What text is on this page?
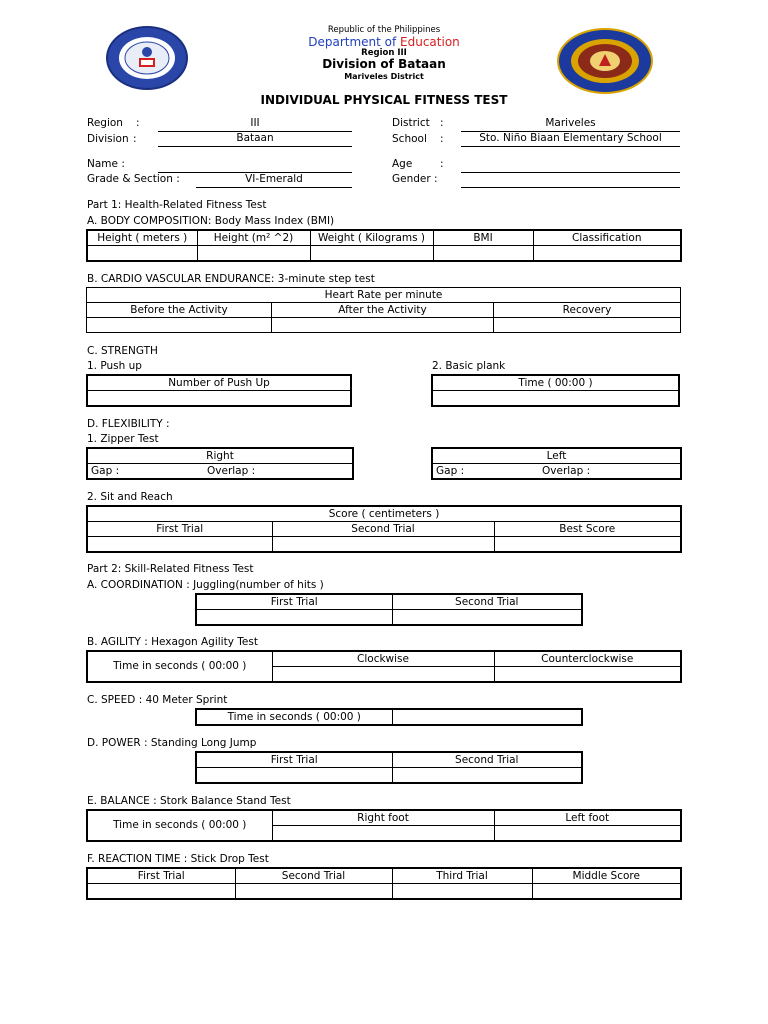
Republic of the Philippines
Department of Education
Region III
Division of Bataan
Mariveles District
INDIVIDUAL PHYSICAL FITNESS TEST
Region :	III
Division :	Bataan
District :	Mariveles
School :	Sto. Niño Biaan Elementary School
Name :
Grade & Section :	VI-Emerald
Age	:
Gender :
Part 1: Health-Related Fitness Test
A. BODY COMPOSITION: Body Mass Index (BMI)
Height ( meters )	Height (m² ^2)	Weight ( Kilograms )	BMI	Classification

B. CARDIO VASCULAR ENDURANCE: 3-minute step test
Heart Rate per minute		
Before the Activity	After the Activity	Recovery

C. STRENGTH
1. Push up	2. Basic plank
Number of Push Up	Time ( 00:00 )

D. FLEXIBILITY :
1. Zipper Test
Right
Gap :	Overlap :
Left
Gap :	Overlap :
2. Sit and Reach
Score ( centimeters )		
First Trial	Second Trial	Best Score

Part 2: Skill-Related Fitness Test
A. COORDINATION : Juggling(number of hits )
First Trial	Second Trial

B. AGILITY : Hexagon Agility Test
Time in seconds ( 00:00 )	Clockwise	Counterclockwise

C. SPEED : 40 Meter Sprint
Time in seconds ( 00:00 )	
D. POWER : Standing Long Jump
First Trial	Second Trial

E. BALANCE : Stork Balance Stand Test
Time in seconds ( 00:00 )	Right foot	Left foot

F. REACTION TIME : Stick Drop Test
First Trial	Second Trial	Third Trial	Middle Score
